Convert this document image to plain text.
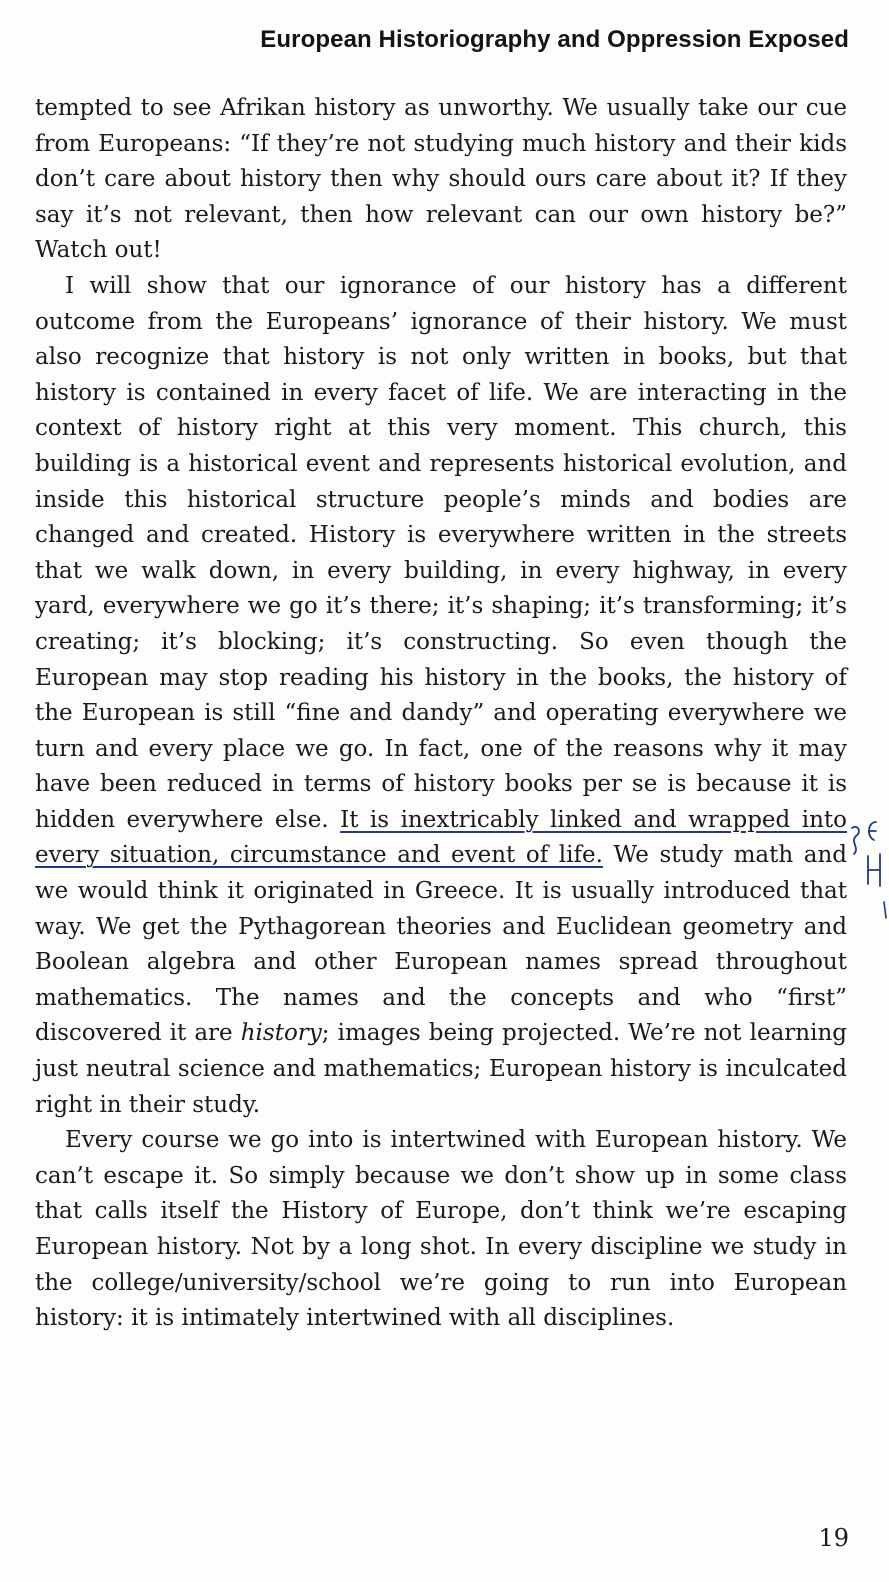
European Historiography and Oppression Exposed

tempted to see Afrikan history as unworthy. We usually take our cue from Europeans: “If they’re not studying much history and their kids don’t care about history then why should ours care about it? If they say it’s not relevant, then how relevant can our own history be?” Watch out!

I will show that our ignorance of our history has a different outcome from the Europeans’ ignorance of their history. We must also recognize that history is not only written in books, but that history is contained in every facet of life. We are interacting in the context of history right at this very moment. This church, this building is a historical event and represents historical evolution, and inside this historical structure people’s minds and bodies are changed and created. History is everywhere written in the streets that we walk down, in every building, in every highway, in every yard, everywhere we go it’s there; it’s shaping; it’s transforming; it’s creating; it’s blocking; it’s constructing. So even though the European may stop reading his history in the books, the history of the European is still “fine and dandy” and operating everywhere we turn and every place we go. In fact, one of the reasons why it may have been reduced in terms of history books per se is because it is hidden everywhere else. It is inextricably linked and wrapped into every situation, circumstance and event of life. We study math and we would think it originated in Greece. It is usually introduced that way. We get the Pythagorean theories and Euclidean geometry and Boolean algebra and other European names spread throughout mathematics. The names and the concepts and who “first” discovered it are history; images being projected. We’re not learning just neutral science and mathematics; European history is inculcated right in their study.

Every course we go into is intertwined with European history. We can’t escape it. So simply because we don’t show up in some class that calls itself the History of Europe, don’t think we’re escaping European history. Not by a long shot. In every discipline we study in the college/university/school we’re going to run into European history: it is intimately intertwined with all disciplines.

19
